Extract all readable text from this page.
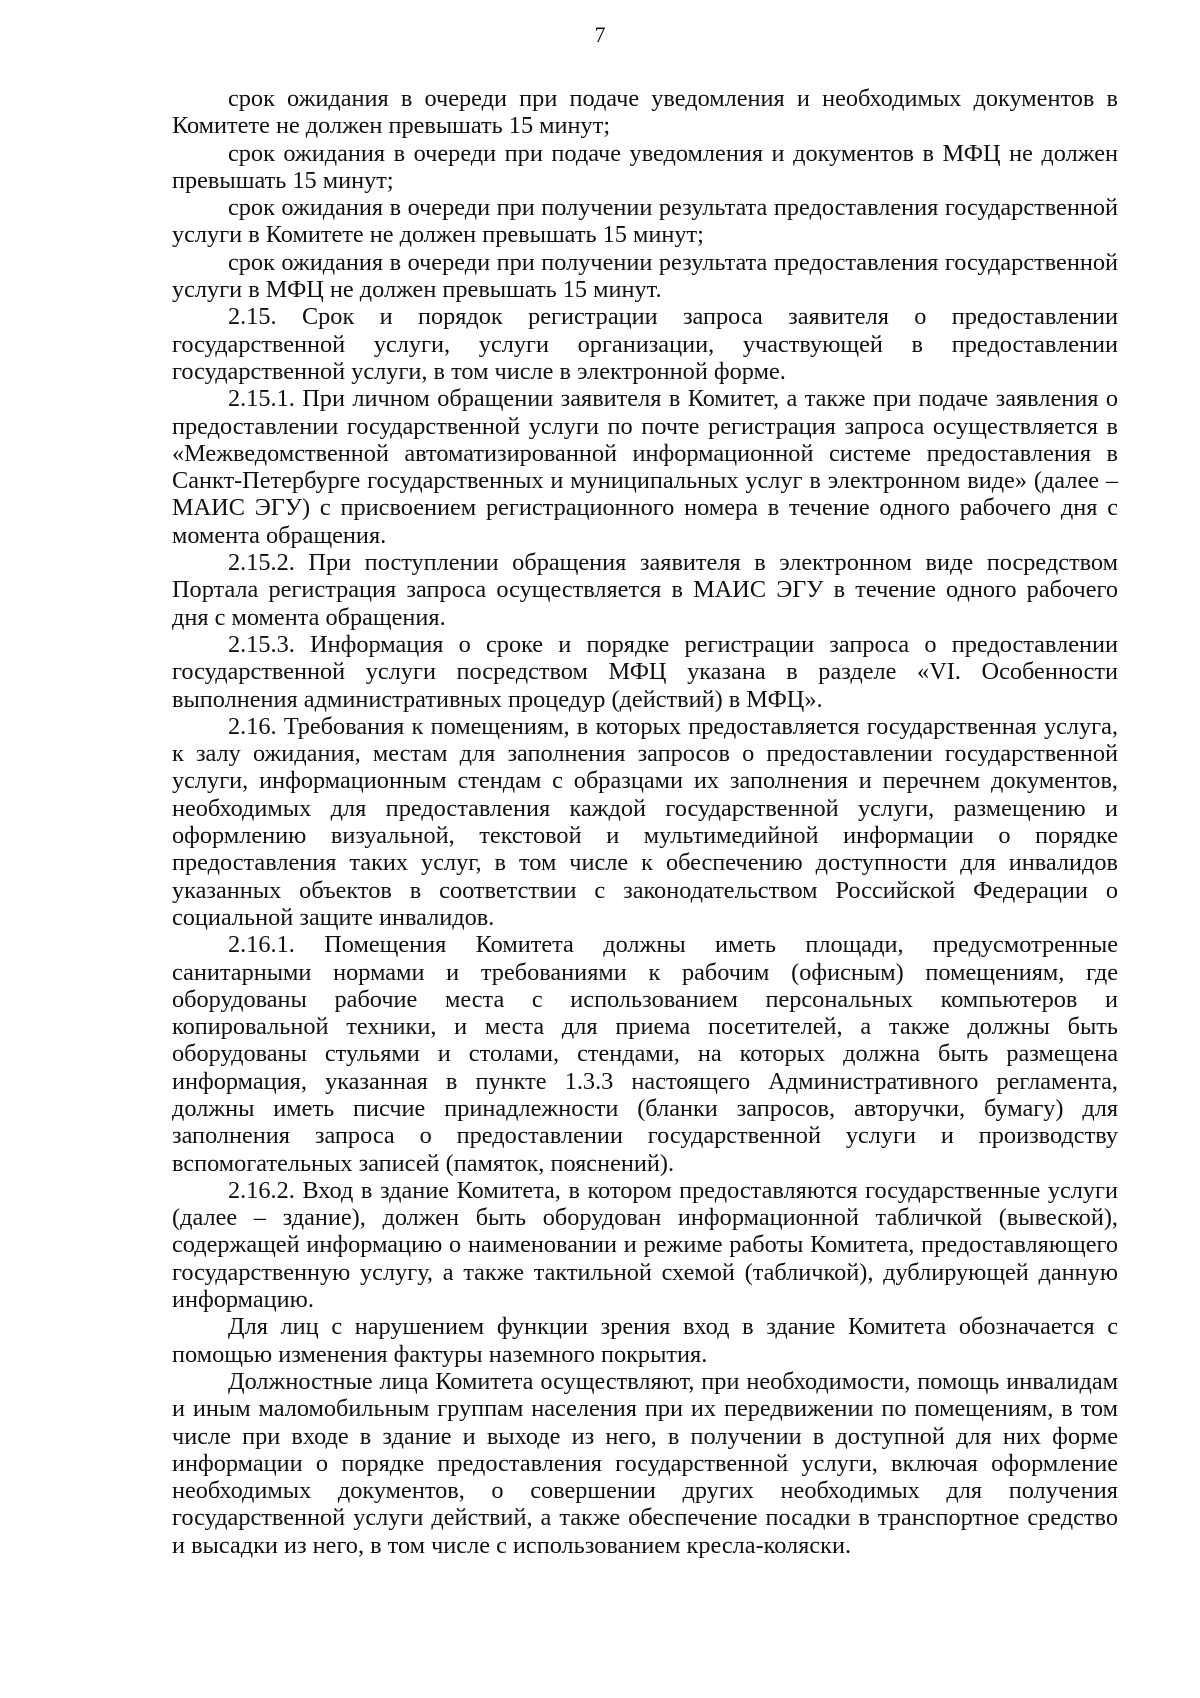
7

срок ожидания в очереди при подаче уведомления и необходимых документов в Комитете не должен превышать 15 минут;

срок ожидания в очереди при подаче уведомления и документов в МФЦ не должен превышать 15 минут;

срок ожидания в очереди при получении результата предоставления государственной услуги в Комитете не должен превышать 15 минут;

срок ожидания в очереди при получении результата предоставления государственной услуги в МФЦ не должен превышать 15 минут.

2.15. Срок и порядок регистрации запроса заявителя о предоставлении государственной услуги, услуги организации, участвующей в предоставлении государственной услуги, в том числе в электронной форме.

2.15.1. При личном обращении заявителя в Комитет, а также при подаче заявления о предоставлении государственной услуги по почте регистрация запроса осуществляется в «Межведомственной автоматизированной информационной системе предоставления в Санкт-Петербурге государственных и муниципальных услуг в электронном виде» (далее – МАИС ЭГУ) с присвоением регистрационного номера в течение одного рабочего дня с момента обращения.

2.15.2. При поступлении обращения заявителя в электронном виде посредством Портала регистрация запроса осуществляется в МАИС ЭГУ в течение одного рабочего дня с момента обращения.

2.15.3. Информация о сроке и порядке регистрации запроса о предоставлении государственной услуги посредством МФЦ указана в разделе «VI. Особенности выполнения административных процедур (действий) в МФЦ».

2.16. Требования к помещениям, в которых предоставляется государственная услуга, к залу ожидания, местам для заполнения запросов о предоставлении государственной услуги, информационным стендам с образцами их заполнения и перечнем документов, необходимых для предоставления каждой государственной услуги, размещению и оформлению визуальной, текстовой и мультимедийной информации о порядке предоставления таких услуг, в том числе к обеспечению доступности для инвалидов указанных объектов в соответствии с законодательством Российской Федерации о социальной защите инвалидов.

2.16.1. Помещения Комитета должны иметь площади, предусмотренные санитарными нормами и требованиями к рабочим (офисным) помещениям, где оборудованы рабочие места с использованием персональных компьютеров и копировальной техники, и места для приема посетителей, а также должны быть оборудованы стульями и столами, стендами, на которых должна быть размещена информация, указанная в пункте 1.3.3 настоящего Административного регламента, должны иметь писчие принадлежности (бланки запросов, авторучки, бумагу) для заполнения запроса о предоставлении государственной услуги и производству вспомогательных записей (памяток, пояснений).

2.16.2. Вход в здание Комитета, в котором предоставляются государственные услуги (далее – здание), должен быть оборудован информационной табличкой (вывеской), содержащей информацию о наименовании и режиме работы Комитета, предоставляющего государственную услугу, а также тактильной схемой (табличкой), дублирующей данную информацию.

Для лиц с нарушением функции зрения вход в здание Комитета обозначается с помощью изменения фактуры наземного покрытия.

Должностные лица Комитета осуществляют, при необходимости, помощь инвалидам и иным маломобильным группам населения при их передвижении по помещениям, в том числе при входе в здание и выходе из него, в получении в доступной для них форме информации о порядке предоставления государственной услуги, включая оформление необходимых документов, о совершении других необходимых для получения государственной услуги действий, а также обеспечение посадки в транспортное средство и высадки из него, в том числе с использованием кресла-коляски.
